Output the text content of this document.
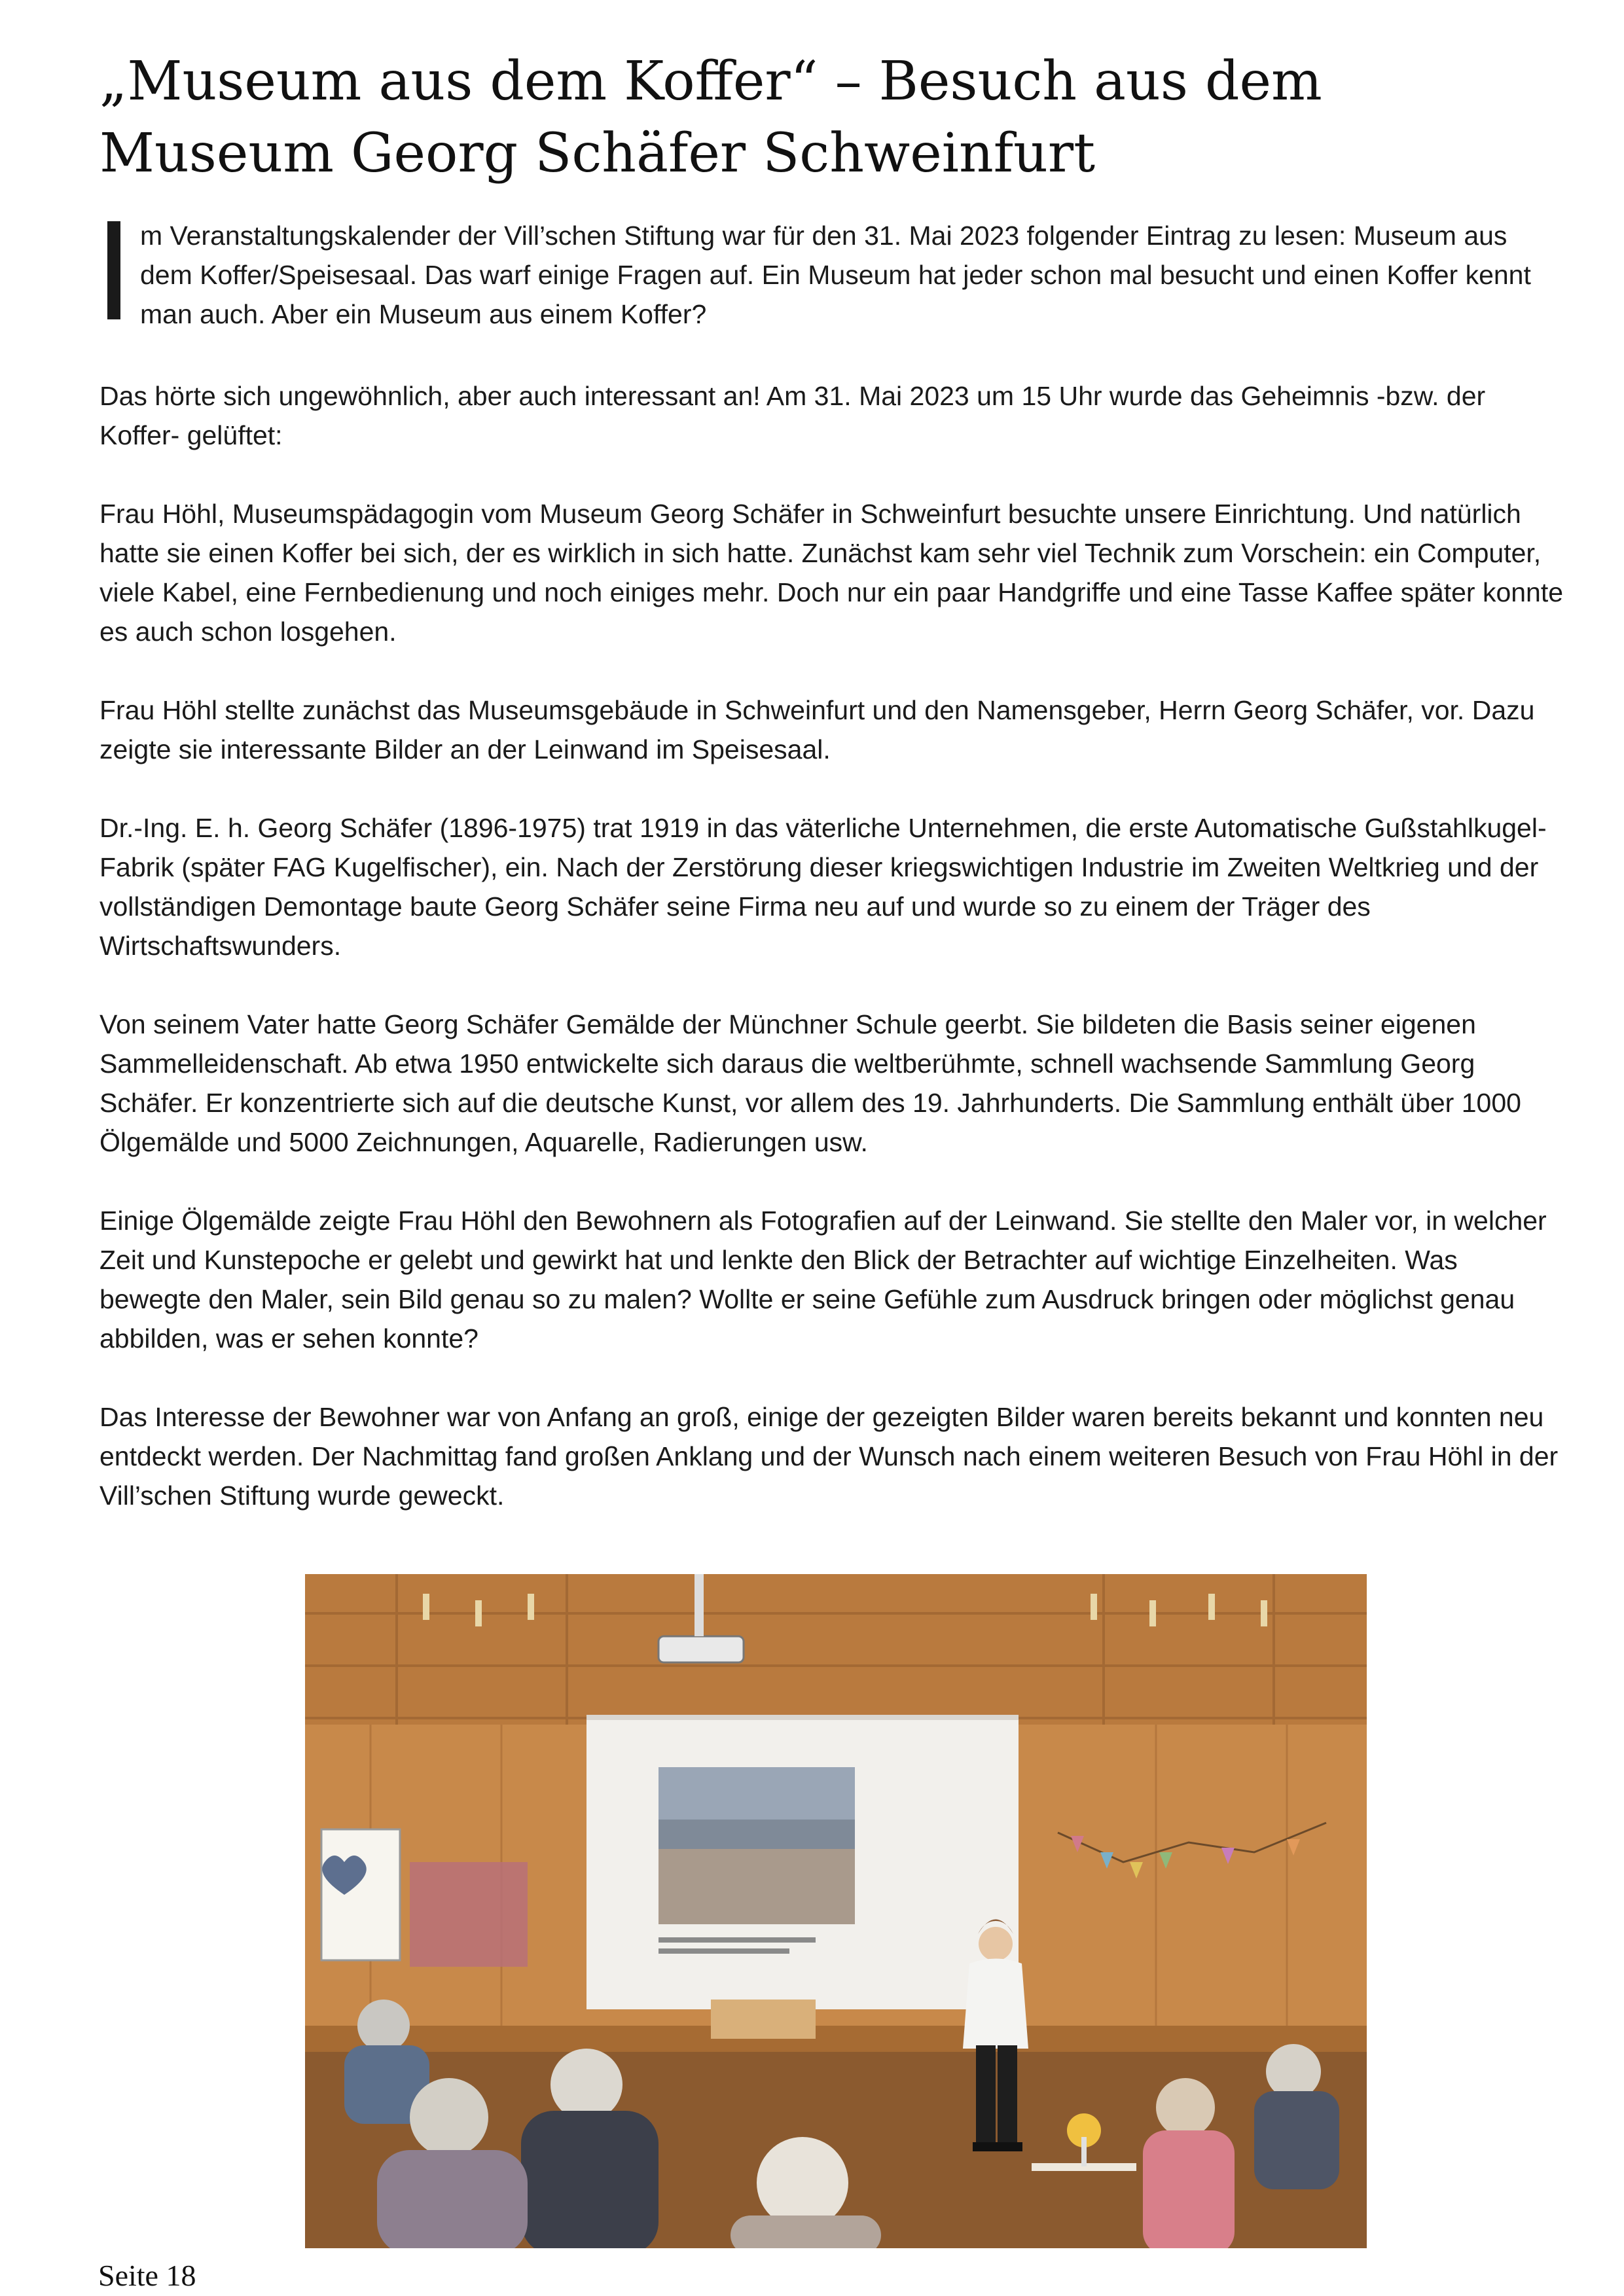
„Museum aus dem Koffer“ – Besuch aus dem Museum Georg Schäfer Schweinfurt

m Veranstaltungskalender der Vill’schen Stiftung war für den 31. Mai 2023 folgender Eintrag zu lesen: Museum aus dem Koffer/Speisesaal. Das warf einige Fragen auf. Ein Museum hat jeder schon mal besucht und einen Koffer kennt man auch. Aber ein Museum aus einem Koffer?

Das hörte sich ungewöhnlich, aber auch interessant an! Am 31. Mai 2023 um 15 Uhr wurde das Geheimnis -bzw. der Koffer- gelüftet:

Frau Höhl, Museumspädagogin vom Museum Georg Schäfer in Schweinfurt besuchte unsere Einrichtung. Und natürlich hatte sie einen Koffer bei sich, der es wirklich in sich hatte. Zunächst kam sehr viel Technik zum Vorschein: ein Computer, viele Kabel, eine Fernbedienung und noch einiges mehr. Doch nur ein paar Handgriffe und eine Tasse Kaffee später konnte es auch schon losgehen.

Frau Höhl stellte zunächst das Museumsgebäude in Schweinfurt und den Namensgeber, Herrn Georg Schäfer, vor. Dazu zeigte sie interessante Bilder an der Leinwand im Speisesaal.

Dr.-Ing. E. h. Georg Schäfer (1896-1975) trat 1919 in das väterliche Unternehmen, die erste Automatische Gußstahlkugel-Fabrik (später FAG Kugelfischer), ein. Nach der Zerstörung dieser kriegswichtigen Industrie im Zweiten Weltkrieg und der vollständigen Demontage baute Georg Schäfer seine Firma neu auf und wurde so zu einem der Träger des Wirtschaftswunders.

Von seinem Vater hatte Georg Schäfer Gemälde der Münchner Schule geerbt. Sie bildeten die Basis seiner eigenen Sammelleidenschaft. Ab etwa 1950 entwickelte sich daraus die weltberühmte, schnell wachsende Sammlung Georg Schäfer. Er konzentrierte sich auf die deutsche Kunst, vor allem des 19. Jahrhunderts. Die Sammlung enthält über 1000 Ölgemälde und 5000 Zeichnungen, Aquarelle, Radierungen usw.

Einige Ölgemälde zeigte Frau Höhl den Bewohnern als Fotografien auf der Leinwand. Sie stellte den Maler vor, in welcher Zeit und Kunstepoche er gelebt und gewirkt hat und lenkte den Blick der Betrachter auf wichtige Einzelheiten. Was bewegte den Maler, sein Bild genau so zu malen? Wollte er seine Gefühle zum Ausdruck bringen oder möglichst genau abbilden, was er sehen konnte?

Das Interesse der Bewohner war von Anfang an groß, einige der gezeigten Bilder waren bereits bekannt und konnten neu entdeckt werden. Der Nachmittag fand großen Anklang und der Wunsch nach einem weiteren Besuch von Frau Höhl in der Vill’schen Stiftung wurde geweckt.

Seite 18
